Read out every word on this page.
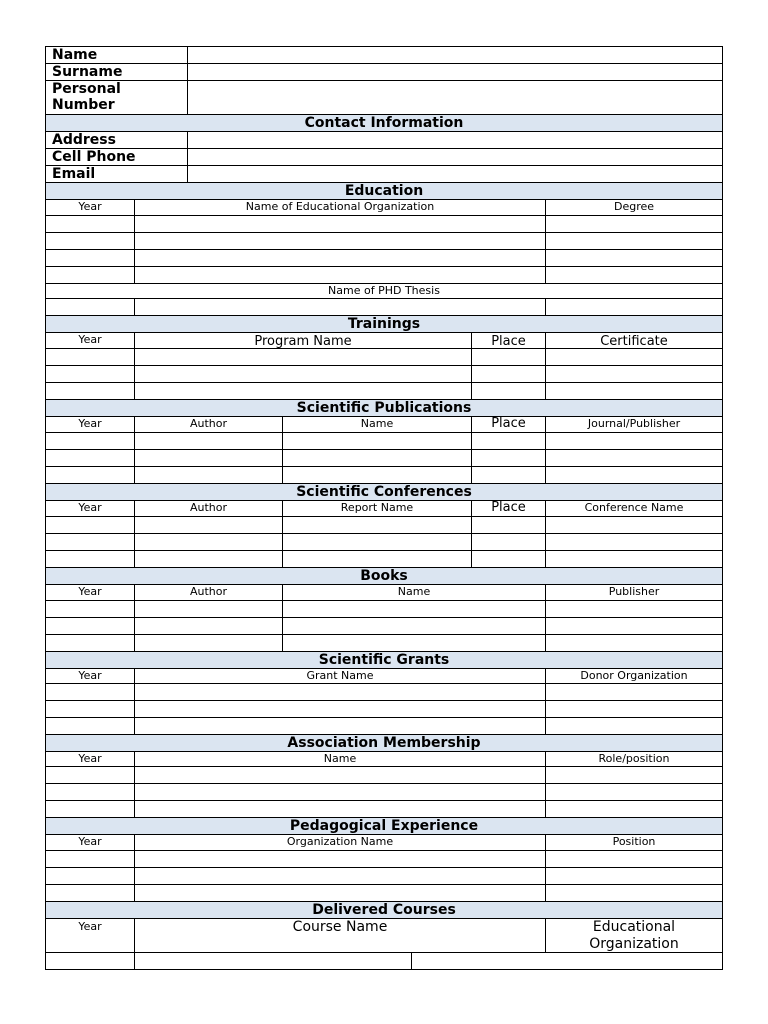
Name
Surname
Personal Number
Contact Information
Address
Cell Phone
Email
Education
Year	Name of Educational Organization	Degree
Name of PHD Thesis
Trainings
Year	Program Name	Place	Certificate
Scientific Publications
Year	Author	Name	Place	Journal/Publisher
Scientific Conferences
Year	Author	Report Name	Place	Conference Name
Books
Year	Author	Name	Publisher
Scientific Grants
Year	Grant Name	Donor Organization
Association Membership
Year	Name	Role/position
Pedagogical Experience
Year	Organization Name	Position
Delivered Courses
Year	Course Name	Educational Organization
